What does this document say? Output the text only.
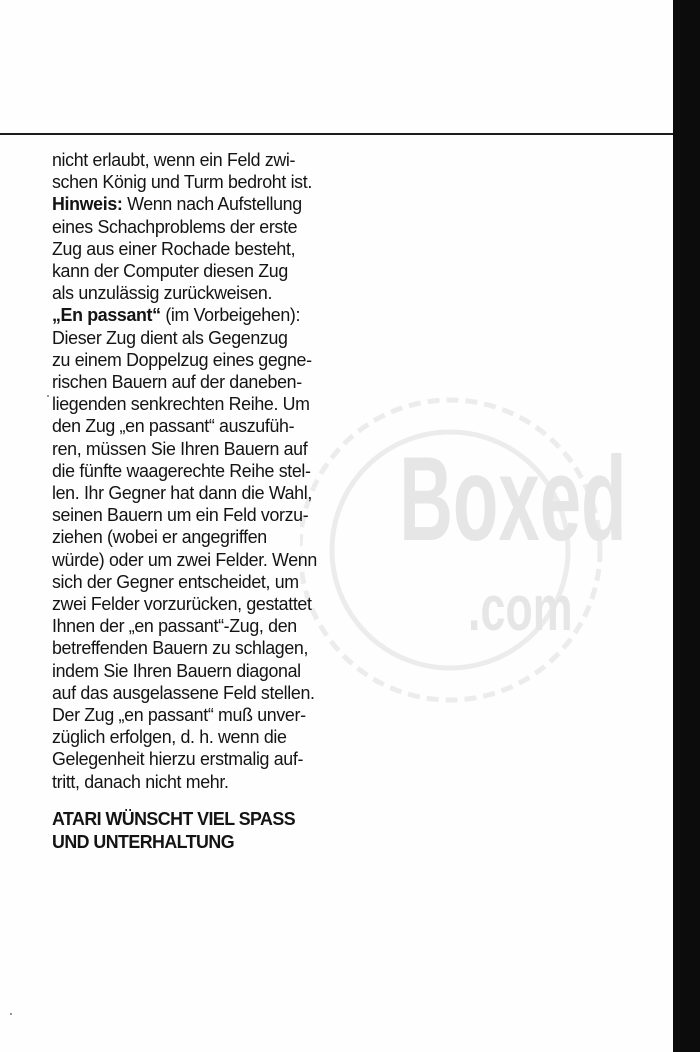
Boxed
.com
nicht erlaubt, wenn ein Feld zwi-
schen König und Turm bedroht ist.
Hinweis: Wenn nach Aufstellung
eines Schachproblems der erste
Zug aus einer Rochade besteht,
kann der Computer diesen Zug
als unzulässig zurückweisen.
„En passant“ (im Vorbeigehen):
Dieser Zug dient als Gegenzug
zu einem Doppelzug eines gegne-
rischen Bauern auf der daneben-
liegenden senkrechten Reihe. Um
den Zug „en passant“ auszufüh-
ren, müssen Sie Ihren Bauern auf
die fünfte waagerechte Reihe stel-
len. Ihr Gegner hat dann die Wahl,
seinen Bauern um ein Feld vorzu-
ziehen (wobei er angegriffen
würde) oder um zwei Felder. Wenn
sich der Gegner entscheidet, um
zwei Felder vorzurücken, gestattet
Ihnen der „en passant“-Zug, den
betreffenden Bauern zu schlagen,
indem Sie Ihren Bauern diagonal
auf das ausgelassene Feld stellen.
Der Zug „en passant“ muß unver-
züglich erfolgen, d. h. wenn die
Gelegenheit hierzu erstmalig auf-
tritt, danach nicht mehr.
ATARI WÜNSCHT VIEL SPASS
UND UNTERHALTUNG
